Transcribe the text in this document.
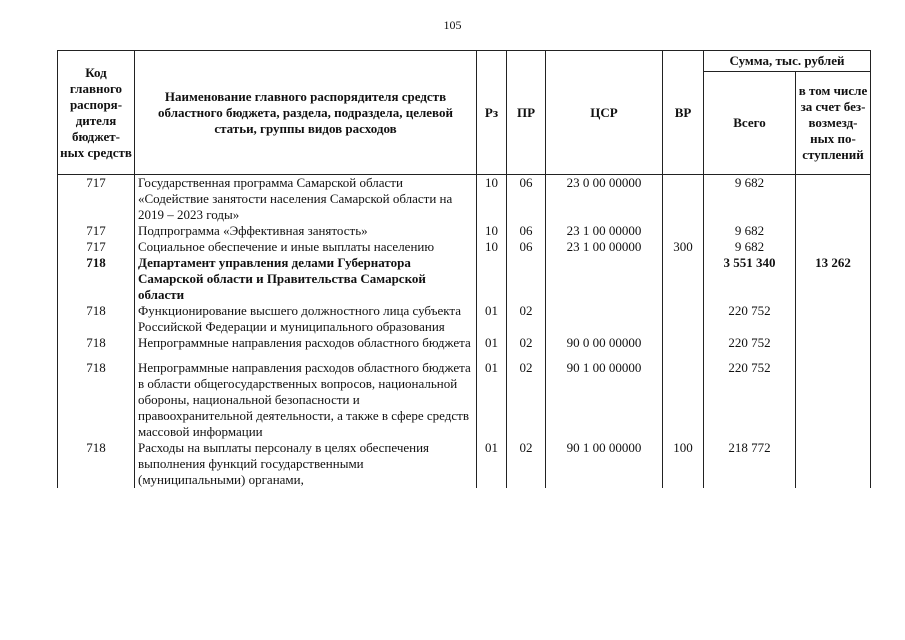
105
Код главного распоря-дителя бюджет-ных средств	Наименование главного распорядителя средств областного бюджета, раздела, подраздела, целевой статьи, группы видов расходов	Рз	ПР	ЦСР	ВР	Сумма, тыс. рублей	
						Всего	в том числе за счет без-возмезд-ных по-ступлений
717	Государственная программа Самарской области «Содействие занятости населения Самарской области на 2019 – 2023 годы»	10	06	23 0 00 00000		9 682	
717	Подпрограмма «Эффективная занятость»	10	06	23 1 00 00000		9 682	
717	Социальное обеспечение и иные выплаты населению	10	06	23 1 00 00000	300	9 682	
718	Департамент управления делами Губернатора Самарской области и Правительства Самарской области					3 551 340	13 262
718	Функционирование высшего должностного лица субъекта Российской Федерации и муниципального образования	01	02			220 752	
718	Непрограммные направления расходов областного бюджета	01	02	90 0 00 00000		220 752	
718	Непрограммные направления расходов областного бюджета в области общегосударственных вопросов, национальной обороны, национальной безопасности и правоохранительной деятельности, а также в сфере средств массовой информации	01	02	90 1 00 00000		220 752	
718	Расходы на выплаты персоналу в целях обеспечения выполнения функций государственными (муниципальными) органами,	01	02	90 1 00 00000	100	218 772	
